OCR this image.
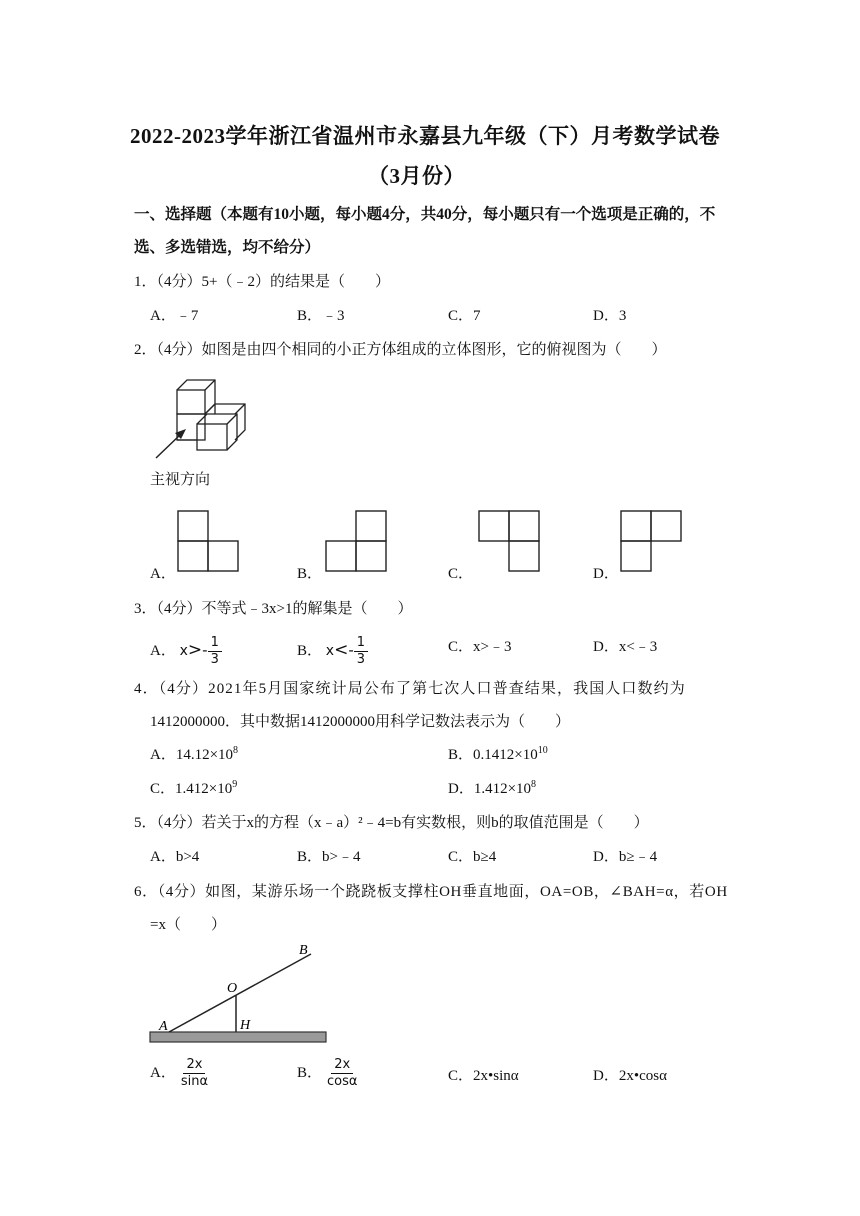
2022-2023学年浙江省温州市永嘉县九年级（下）月考数学试卷
（3月份）
一、选择题（本题有10小题，每小题4分，共40分，每小题只有一个选项是正确的，不
选、多选错选，均不给分）
1．（4分）5+（﹣2）的结果是（　　）
A．﹣7	B．﹣3	C．7	D．3
2．（4分）如图是由四个相同的小正方体组成的立体图形，它的俯视图为（　　）
主视方向
A．	B．	C．	D．
3．（4分）不等式﹣3x>1的解集是（　　）
A． $x>- \frac{1}{3}$	B． $x<- \frac{1}{3}$	C．x>﹣3	D．x<﹣3
4．（4分）2021年5月国家统计局公布了第七次人口普查结果，我国人口数约为
1412000000．其中数据1412000000用科学记数法表示为（　　）
A．$14.12\times 10^8$	B．$0.1412\times 10^{10}$
C．$1.412\times 10^9$	D．$1.412\times 10^8$
5．（4分）若关于x的方程（x﹣a）²﹣4=b有实数根，则b的取值范围是（　　）
A．b>4	B．b>﹣4	C．b≥4	D．b≥﹣4
6．（4分）如图，某游乐场一个跷跷板支撑柱OH垂直地面，OA=OB，∠BAH=α，若OH
=x（　　）
A
B
O
H
A． $\frac{2x}{\sin\alpha}$	B． $\frac{2x}{\cos\alpha}$	C．2x•sinα	D．2x•cosα
